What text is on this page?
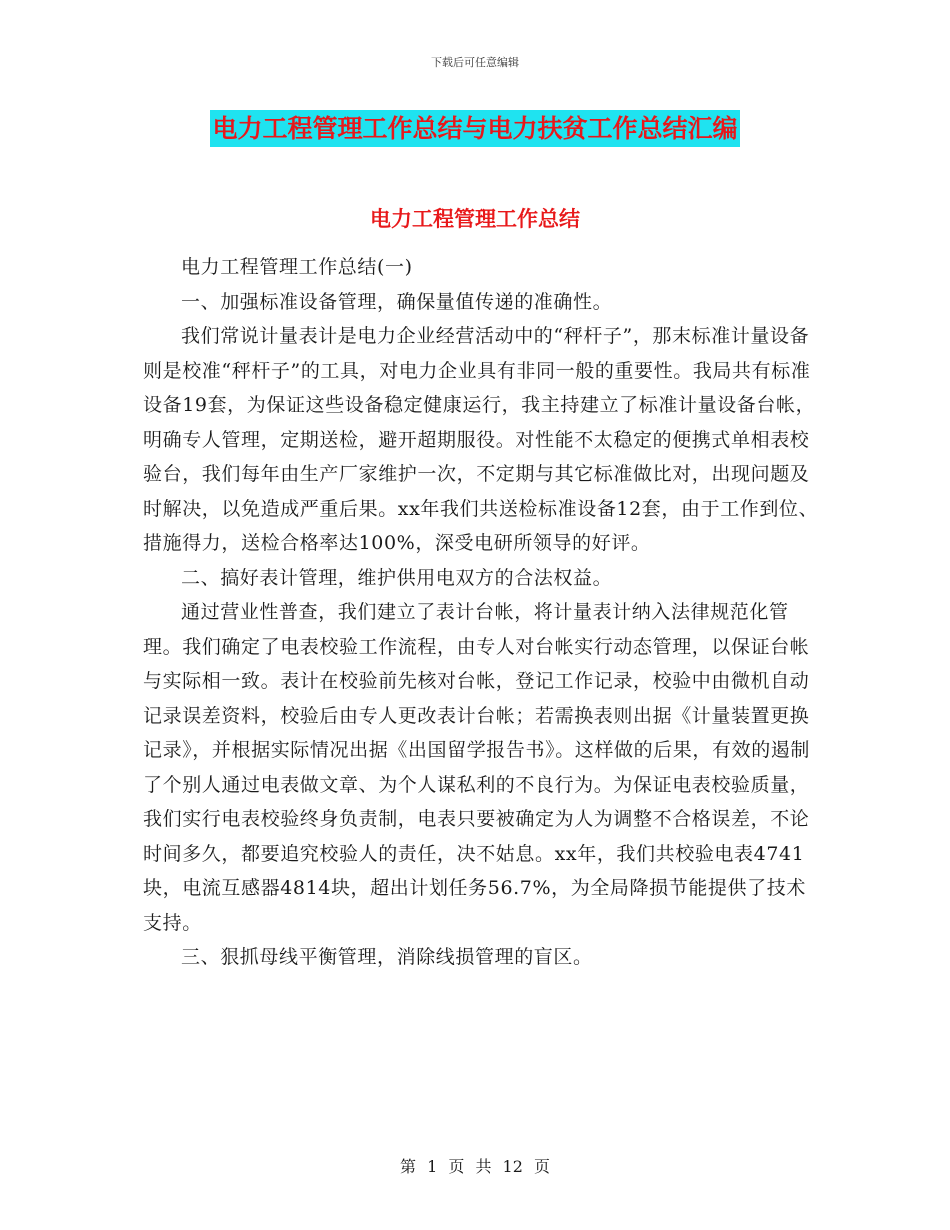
下载后可任意编辑
电力工程管理工作总结与电力扶贫工作总结汇编
电力工程管理工作总结

电力工程管理工作总结(一)

一、加强标准设备管理，确保量值传递的准确性。

我们常说计量表计是电力企业经营活动中的“秤杆子”，那末标准计量设备则是校准“秤杆子”的工具，对电力企业具有非同一般的重要性。我局共有标准设备19套，为保证这些设备稳定健康运行，我主持建立了标准计量设备台帐，明确专人管理，定期送检，避开超期服役。对性能不太稳定的便携式单相表校验台，我们每年由生产厂家维护一次，不定期与其它标准做比对，出现问题及时解决，以免造成严重后果。xx年我们共送检标准设备12套，由于工作到位、措施得力，送检合格率达100%，深受电研所领导的好评。

二、搞好表计管理，维护供用电双方的合法权益。

通过营业性普查，我们建立了表计台帐，将计量表计纳入法律规范化管理。我们确定了电表校验工作流程，由专人对台帐实行动态管理，以保证台帐与实际相一致。表计在校验前先核对台帐，登记工作记录，校验中由微机自动记录误差资料，校验后由专人更改表计台帐；若需换表则出据《计量装置更换记录》，并根据实际情况出据《出国留学报告书》。这样做的后果，有效的遏制了个别人通过电表做文章、为个人谋私利的不良行为。为保证电表校验质量，我们实行电表校验终身负责制，电表只要被确定为人为调整不合格误差，不论时间多久，都要追究校验人的责任，决不姑息。xx年，我们共校验电表4741块，电流互感器4814块，超出计划任务56.7%，为全局降损节能提供了技术支持。

三、狠抓母线平衡管理，消除线损管理的盲区。

第 1 页 共 12 页
